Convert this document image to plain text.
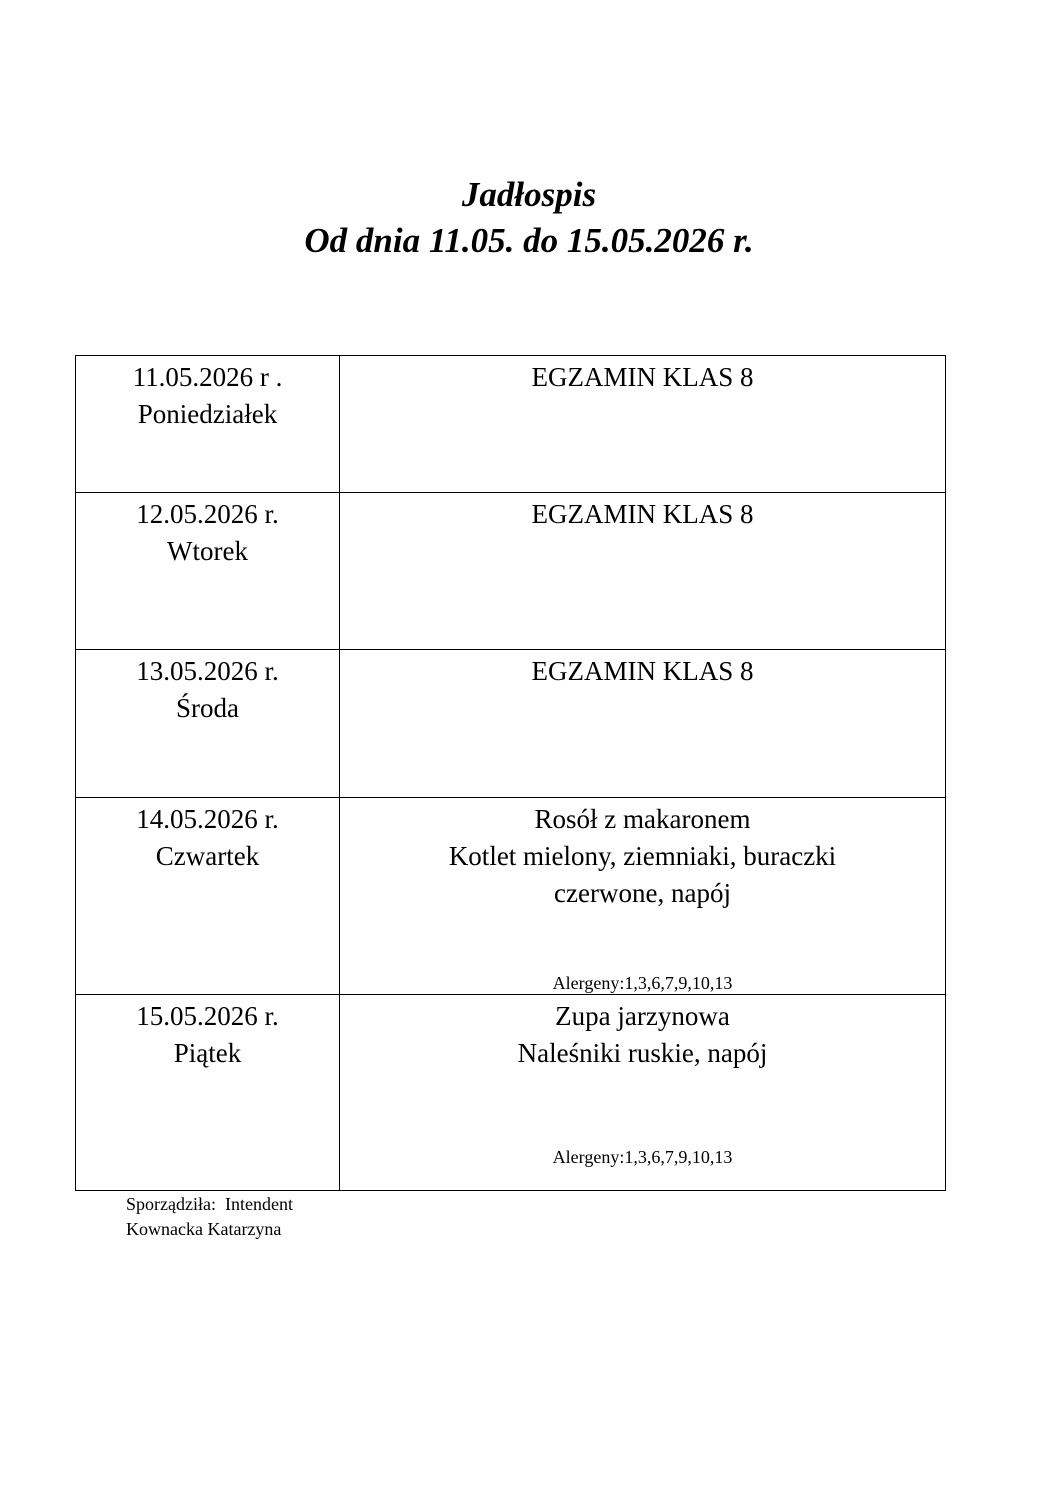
Jadłospis
Od dnia 11.05. do 15.05.2026 r.
11.05.2026 r .
Poniedziałek	EGZAMIN KLAS 8

12.05.2026 r.
Wtorek	EGZAMIN KLAS 8

13.05.2026 r.
Środa	EGZAMIN KLAS 8

14.05.2026 r.
Czwartek	Rosół z makaronem
Kotlet mielony, ziemniaki, buraczki
czerwone, napój
Alergeny:1,3,6,7,9,10,13

15.05.2026 r.
Piątek	Zupa jarzynowa
Naleśniki ruskie, napój
Alergeny:1,3,6,7,9,10,13
Sporządziła:  Intendent
Kownacka Katarzyna
